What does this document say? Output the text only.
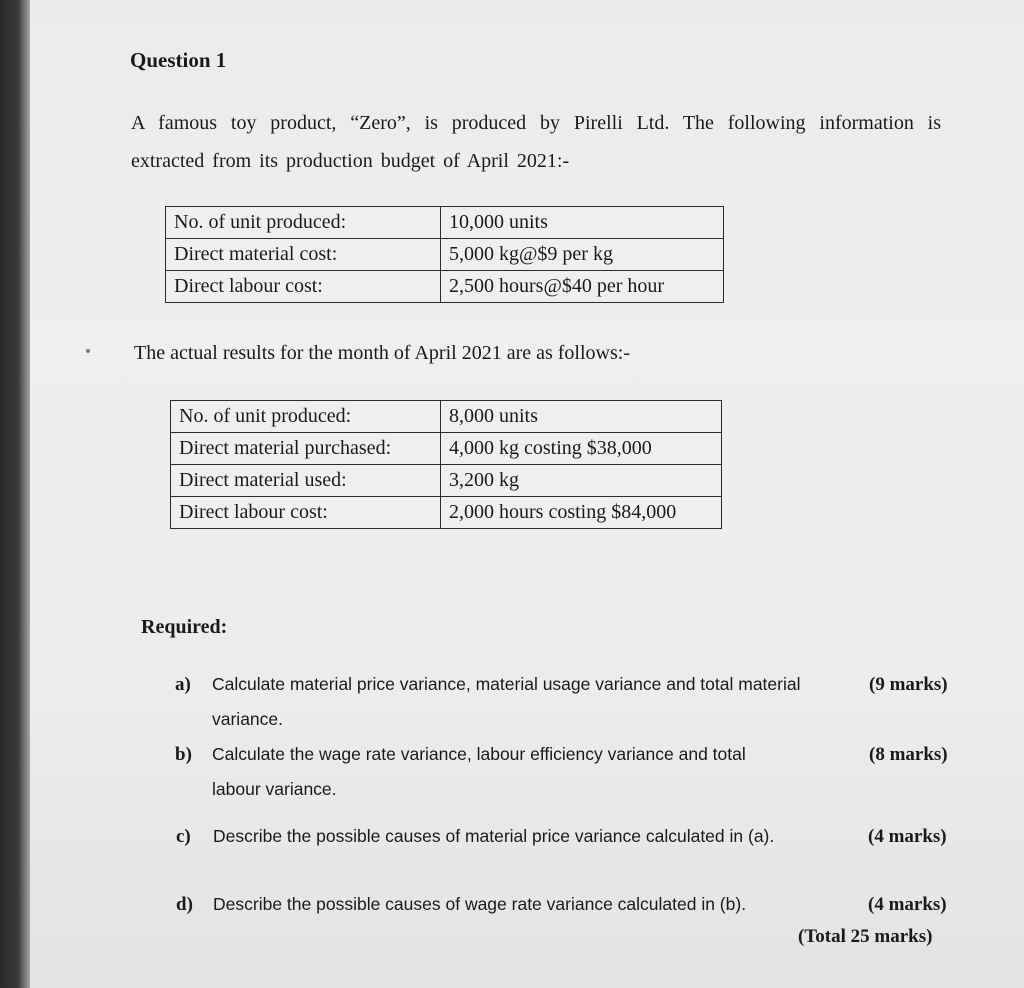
Question 1
A famous toy product, “Zero”, is produced by Pirelli Ltd. The following information is extracted from its production budget of April 2021:-
No. of unit produced:	10,000 units
Direct material cost:	5,000 kg@$9 per kg
Direct labour cost:	2,500 hours@$40 per hour
The actual results for the month of April 2021 are as follows:-
No. of unit produced:	8,000 units
Direct material purchased:	4,000 kg costing $38,000
Direct material used:	3,200 kg
Direct labour cost:	2,000 hours costing $84,000
Required:
a) Calculate material price variance, material usage variance and total material
variance.
(9 marks)
b) Calculate the wage rate variance, labour efficiency variance and total
labour variance.
(8 marks)
c) Describe the possible causes of material price variance calculated in (a).	(4 marks)
d) Describe the possible causes of wage rate variance calculated in (b).	(4 marks)
(Total 25 marks)
